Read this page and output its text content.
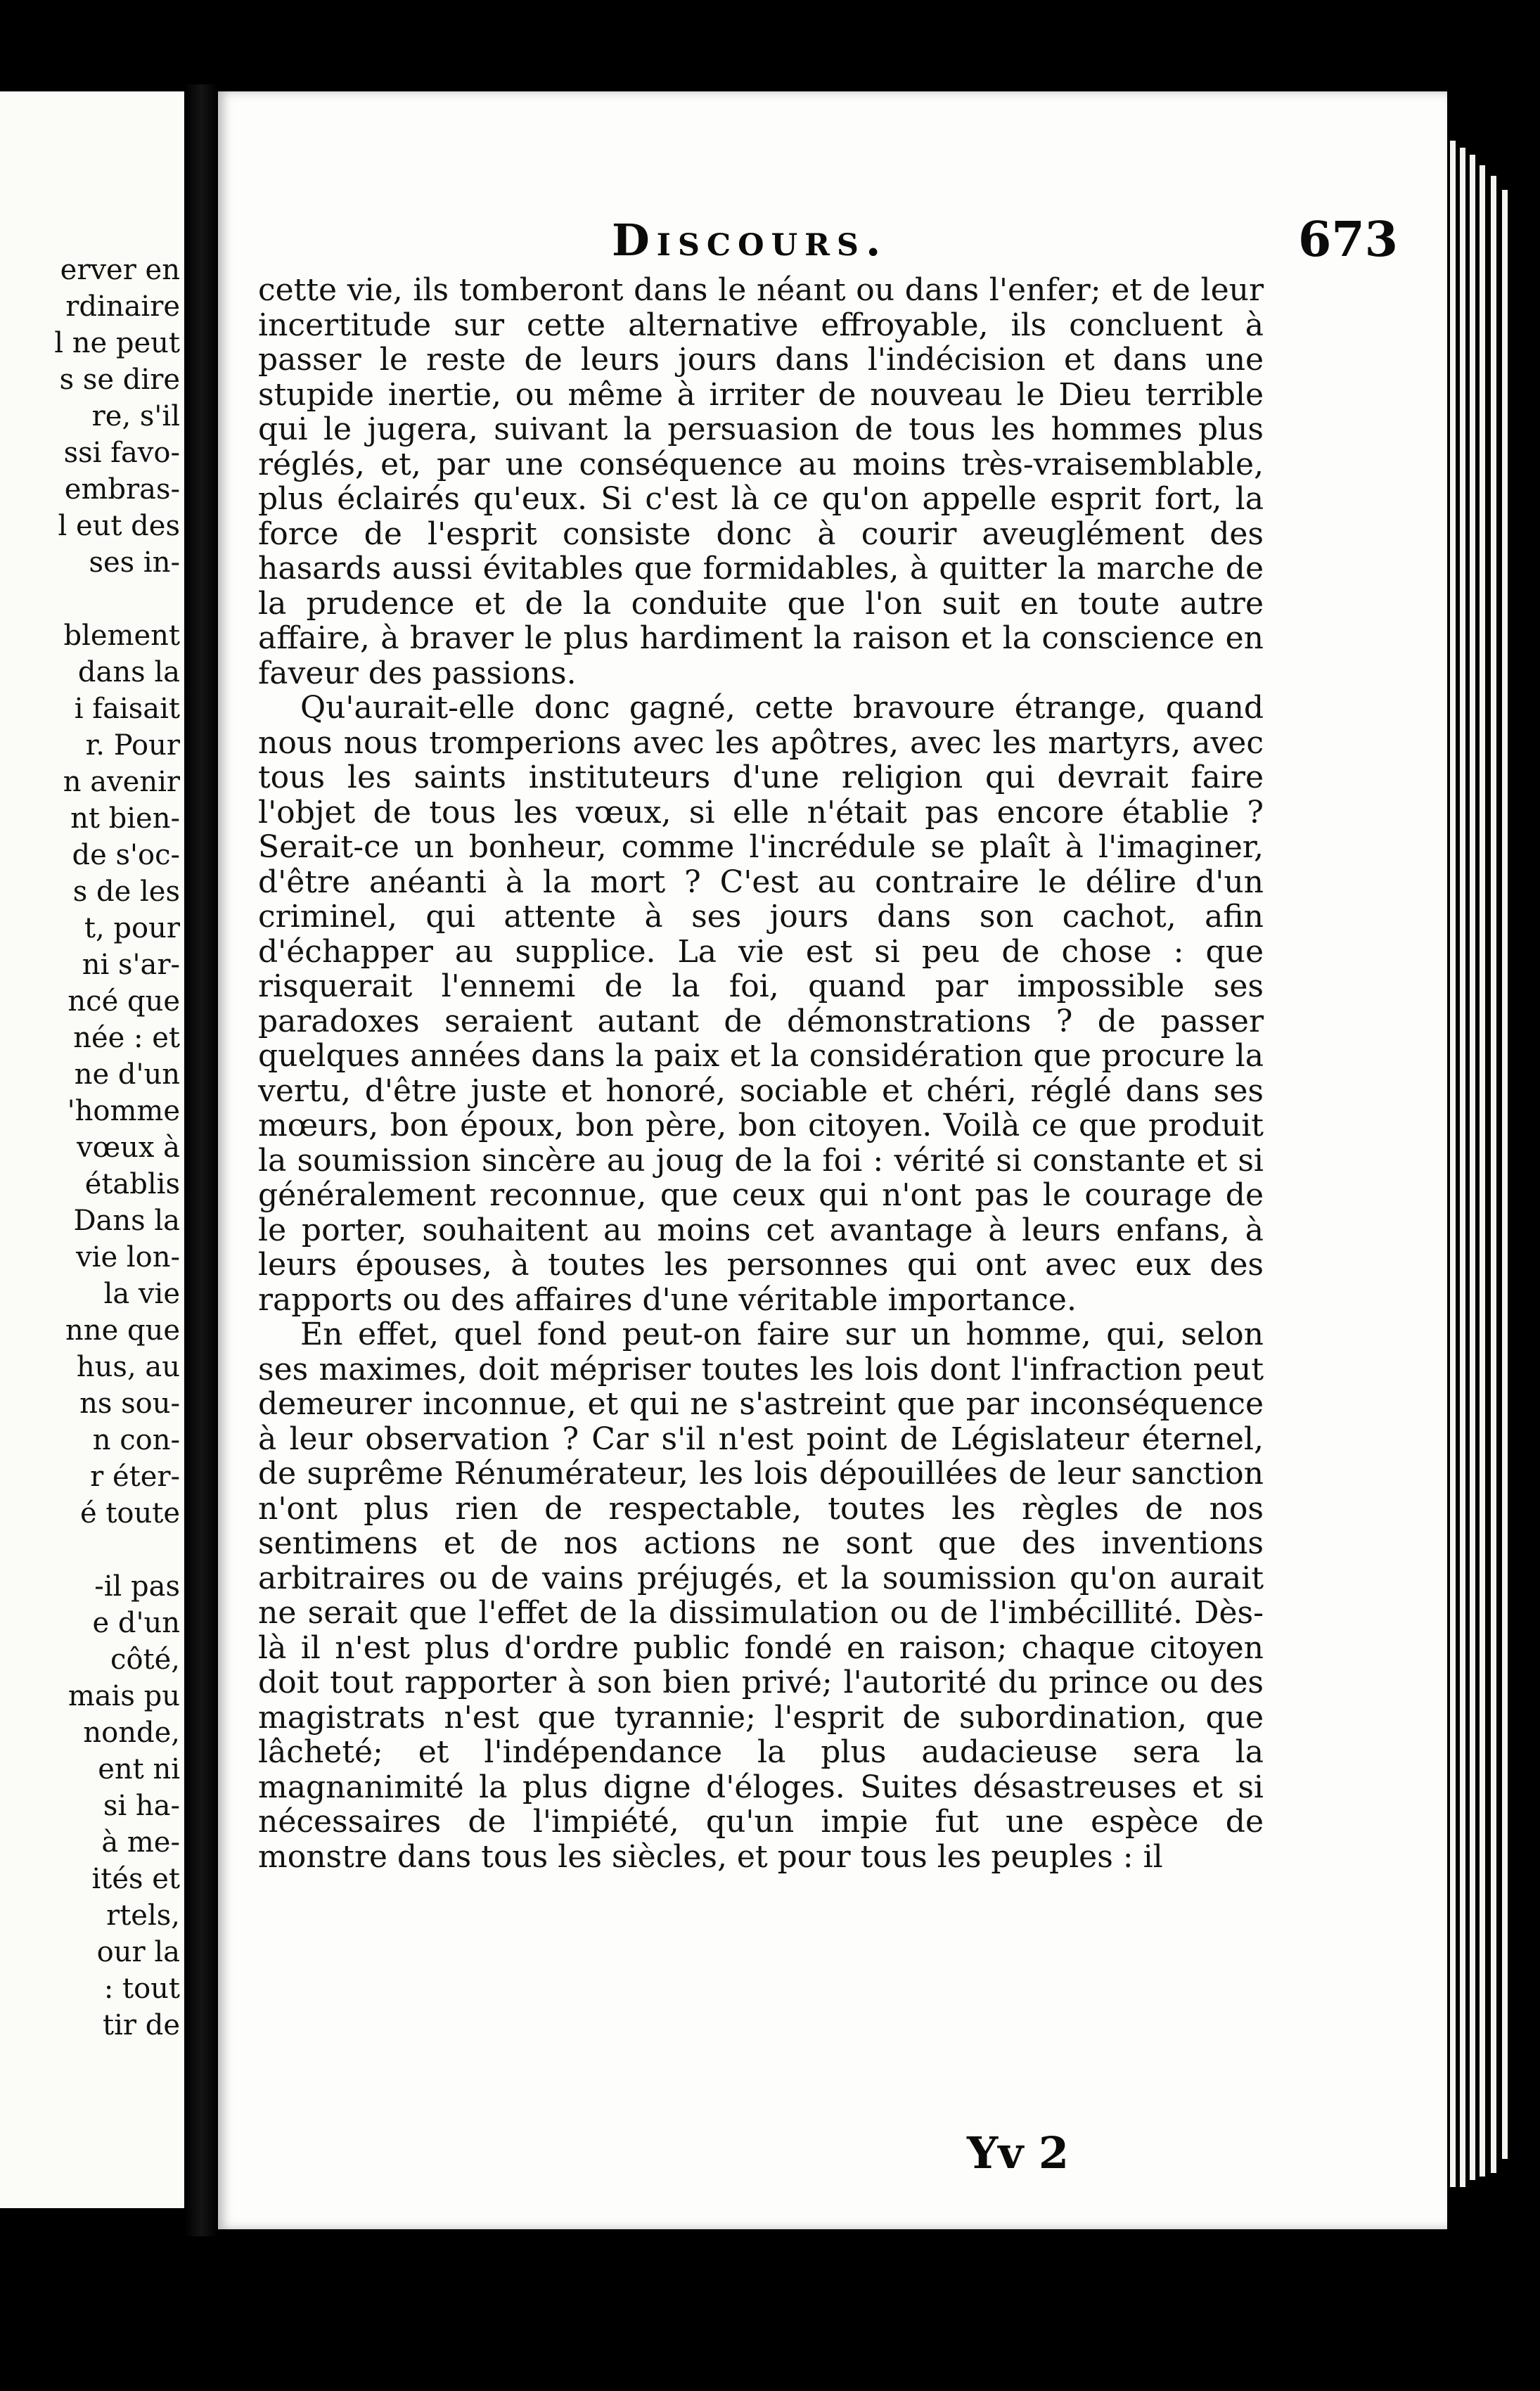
erver en
rdinaire
l ne peut
s se dire
re, s'il
ssi favo-
embras-
l eut des
ses in-
blement
dans la
i faisait
r. Pour
n avenir
nt bien-
de s'oc-
s de les
t, pour
ni s'ar-
ncé que
née : et
ne d'un
'homme
vœux à
établis
Dans la
vie lon-
la vie
nne que
hus, au
ns sou-
n con-
r éter-
é toute
-il pas
e d'un
côté,
mais pu
nonde,
ent ni
si ha-
à me-
ités et
rtels,
our la
: tout
tir de
Discours.	673

cette vie, ils tomberont dans le néant ou dans l'enfer; et de leur incertitude sur cette alternative effroyable, ils concluent à passer le reste de leurs jours dans l'indécision et dans une stupide inertie, ou même à irriter de nouveau le Dieu terrible qui le jugera, suivant la persuasion de tous les hommes plus réglés, et, par une conséquence au moins très-vraisemblable, plus éclairés qu'eux. Si c'est là ce qu'on appelle esprit fort, la force de l'esprit consiste donc à courir aveuglément des hasards aussi évitables que formidables, à quitter la marche de la prudence et de la conduite que l'on suit en toute autre affaire, à braver le plus hardiment la raison et la conscience en faveur des passions.

Qu'aurait-elle donc gagné, cette bravoure étrange, quand nous nous tromperions avec les apôtres, avec les martyrs, avec tous les saints instituteurs d'une religion qui devrait faire l'objet de tous les vœux, si elle n'était pas encore établie ? Serait-ce un bonheur, comme l'incrédule se plaît à l'imaginer, d'être anéanti à la mort ? C'est au contraire le délire d'un criminel, qui attente à ses jours dans son cachot, afin d'échapper au supplice. La vie est si peu de chose : que risquerait l'ennemi de la foi, quand par impossible ses paradoxes seraient autant de démonstrations ? de passer quelques années dans la paix et la considération que procure la vertu, d'être juste et honoré, sociable et chéri, réglé dans ses mœurs, bon époux, bon père, bon citoyen. Voilà ce que produit la soumission sincère au joug de la foi : vérité si constante et si généralement reconnue, que ceux qui n'ont pas le courage de le porter, souhaitent au moins cet avantage à leurs enfans, à leurs épouses, à toutes les personnes qui ont avec eux des rapports ou des affaires d'une véritable importance.

En effet, quel fond peut-on faire sur un homme, qui, selon ses maximes, doit mépriser toutes les lois dont l'infraction peut demeurer inconnue, et qui ne s'astreint que par inconséquence à leur observation ? Car s'il n'est point de Législateur éternel, de suprême Rénumérateur, les lois dépouillées de leur sanction n'ont plus rien de respectable, toutes les règles de nos sentimens et de nos actions ne sont que des inventions arbitraires ou de vains préjugés, et la soumission qu'on aurait ne serait que l'effet de la dissimulation ou de l'imbécillité. Dès-là il n'est plus d'ordre public fondé en raison; chaque citoyen doit tout rapporter à son bien privé; l'autorité du prince ou des magistrats n'est que tyrannie; l'esprit de subordination, que lâcheté; et l'indépendance la plus audacieuse sera la magnanimité la plus digne d'éloges. Suites désastreuses et si nécessaires de l'impiété, qu'un impie fut une espèce de monstre dans tous les siècles, et pour tous les peuples : il

Yv 2
